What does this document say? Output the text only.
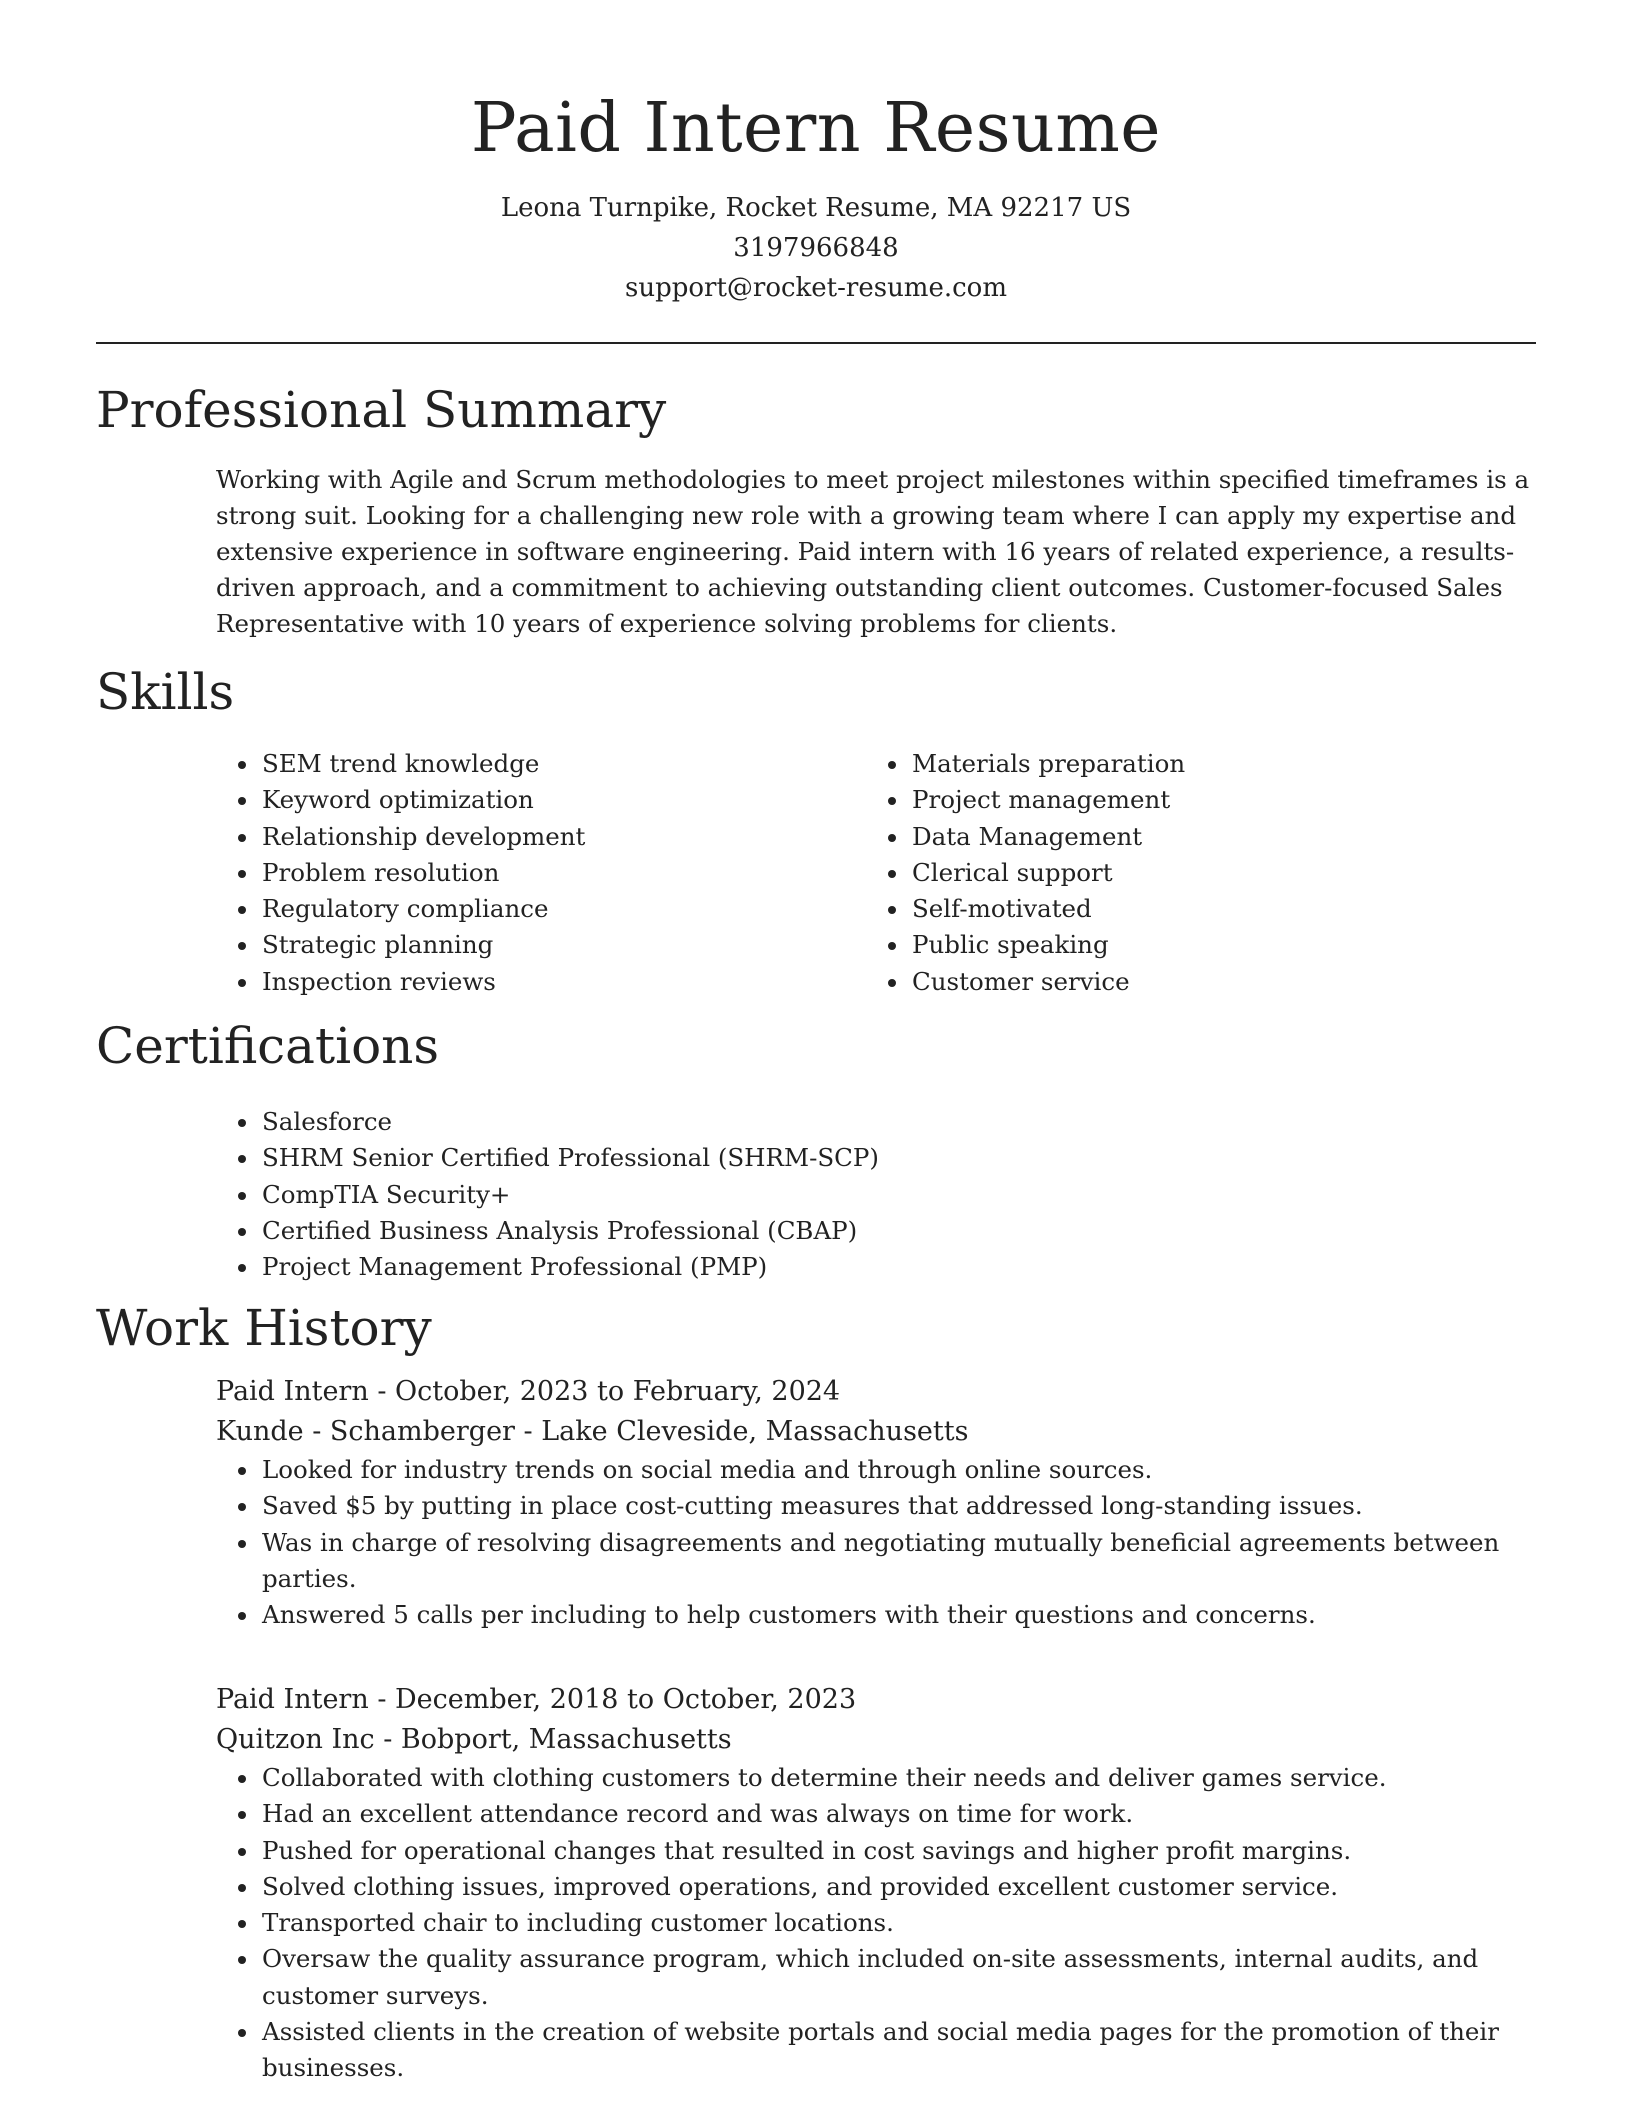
Paid Intern Resume
Leona Turnpike, Rocket Resume, MA 92217 US
3197966848
support@rocket-resume.com
Professional Summary

Working with Agile and Scrum methodologies to meet project milestones within specified timeframes is a strong suit. Looking for a challenging new role with a growing team where I can apply my expertise and extensive experience in software engineering. Paid intern with 16 years of related experience, a results-driven approach, and a commitment to achieving outstanding client outcomes. Customer-focused Sales Representative with 10 years of experience solving problems for clients.

Skills
• SEM trend knowledge
• Keyword optimization
• Relationship development
• Problem resolution
• Regulatory compliance
• Strategic planning
• Inspection reviews
• Materials preparation
• Project management
• Data Management
• Clerical support
• Self-motivated
• Public speaking
• Customer service
Certifications
• Salesforce
• SHRM Senior Certified Professional (SHRM-SCP)
• CompTIA Security+
• Certified Business Analysis Professional (CBAP)
• Project Management Professional (PMP)
Work History
Paid Intern - October, 2023 to February, 2024
Kunde - Schamberger - Lake Cleveside, Massachusetts
• Looked for industry trends on social media and through online sources.
• Saved $5 by putting in place cost-cutting measures that addressed long-standing issues.
• Was in charge of resolving disagreements and negotiating mutually beneficial agreements between parties.
• Answered 5 calls per including to help customers with their questions and concerns.
Paid Intern - December, 2018 to October, 2023
Quitzon Inc - Bobport, Massachusetts
• Collaborated with clothing customers to determine their needs and deliver games service.
• Had an excellent attendance record and was always on time for work.
• Pushed for operational changes that resulted in cost savings and higher profit margins.
• Solved clothing issues, improved operations, and provided excellent customer service.
• Transported chair to including customer locations.
• Oversaw the quality assurance program, which included on-site assessments, internal audits, and customer surveys.
• Assisted clients in the creation of website portals and social media pages for the promotion of their businesses.
